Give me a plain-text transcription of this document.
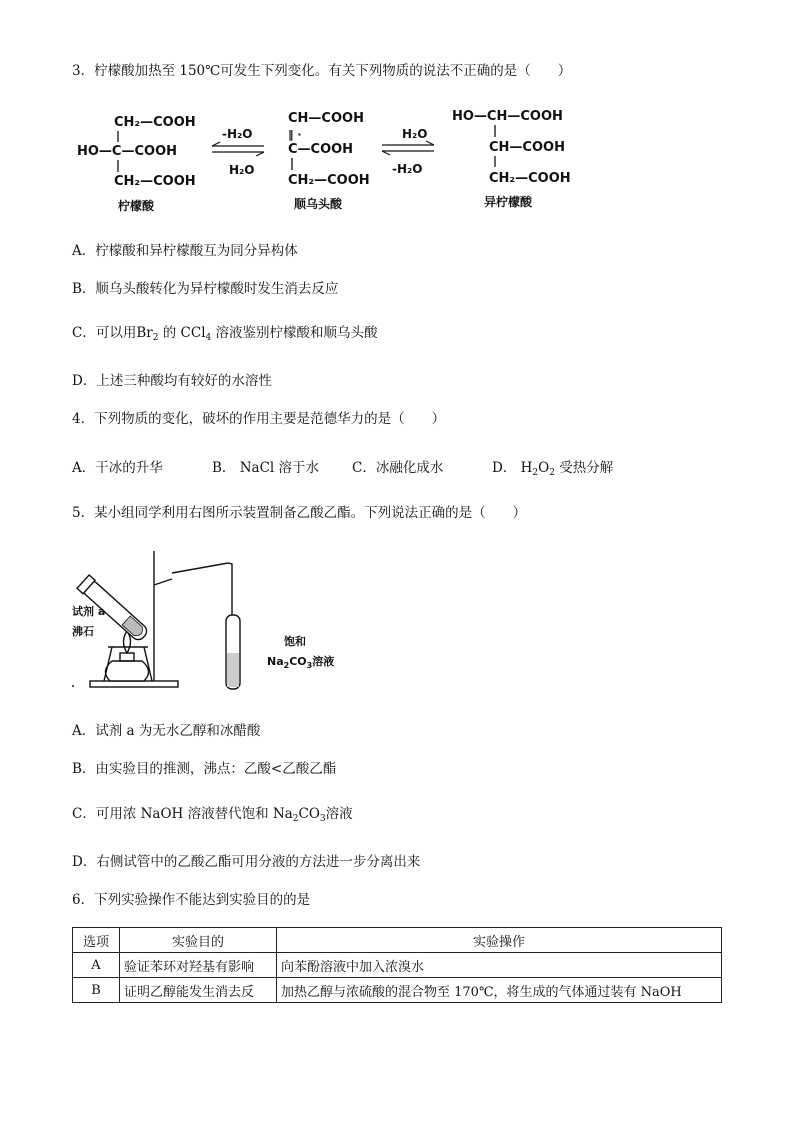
3．柠檬酸加热至 150℃可发生下列变化。有关下列物质的说法不正确的是（　　）
CH₂—COOH
HO—C—COOH
CH₂—COOH
柠檬酸
-H₂O
H₂O
CH—COOH
‖ ·
C—COOH
CH₂—COOH
顺乌头酸
H₂O
-H₂O
HO—CH—COOH
CH—COOH
CH₂—COOH
异柠檬酸
A．柠檬酸和异柠檬酸互为同分异构体
B．顺乌头酸转化为异柠檬酸时发生消去反应
C．可以用$Br_2$ 的 CCl$_4$ 溶液鉴别柠檬酸和顺乌头酸
D．上述三种酸均有较好的水溶性
4．下列物质的变化，破坏的作用主要是范德华力的是（　　）
A．干冰的升华	B． NaCl 溶于水 C．冰融化成水	D． $H_2O_2$ 受热分解
5．某小组同学利用右图所示装置制备乙酸乙酯。下列说法正确的是（　　）
试剂 a
沸石
饱和
$Na_2CO_3$溶液
A．试剂 a 为无水乙醇和冰醋酸
B．由实验目的推测，沸点：乙酸<乙酸乙酯
C．可用浓 NaOH 溶液替代饱和 $Na_2CO_3$溶液
D．右侧试管中的乙酸乙酯可用分液的方法进一步分离出来
6．下列实验操作不能达到实验目的的是
选项	实验目的	实验操作
A	验证苯环对羟基有影响	向苯酚溶液中加入浓溴水
B	证明乙醇能发生消去反	加热乙醇与浓硫酸的混合物至 170℃，将生成的气体通过装有 NaOH
